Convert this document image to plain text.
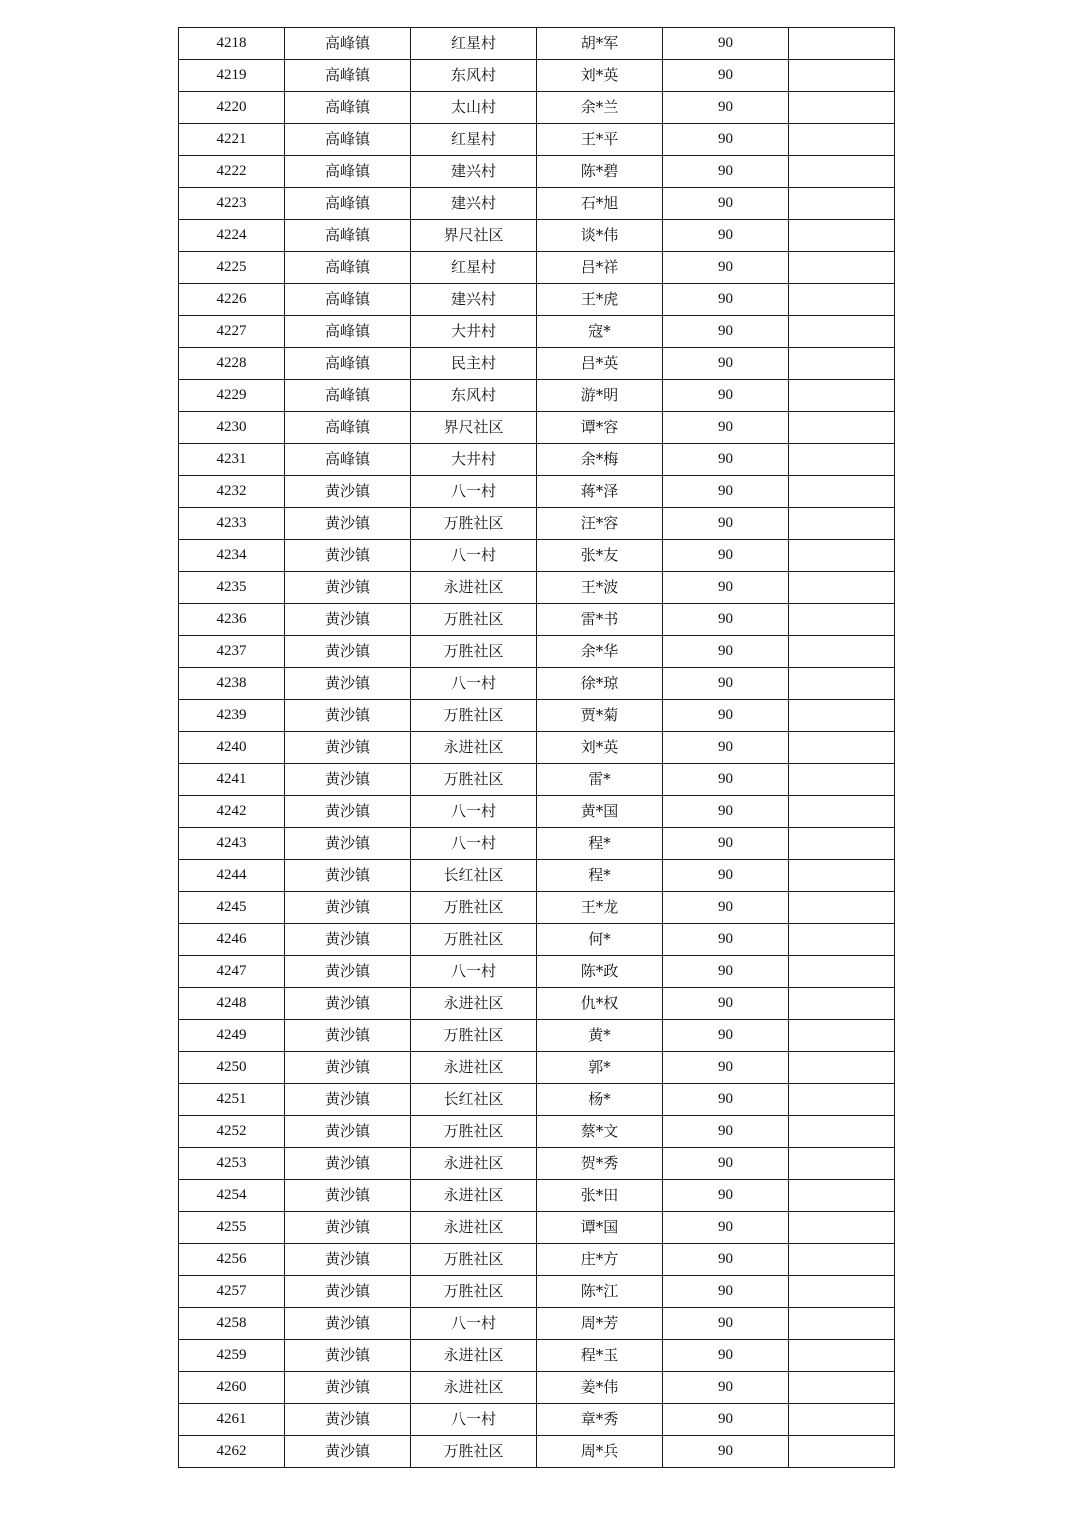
4218	高峰镇	红星村	胡*军	90	
4219	高峰镇	东风村	刘*英	90	
4220	高峰镇	太山村	余*兰	90	
4221	高峰镇	红星村	王*平	90	
4222	高峰镇	建兴村	陈*碧	90	
4223	高峰镇	建兴村	石*旭	90	
4224	高峰镇	界尺社区	谈*伟	90	
4225	高峰镇	红星村	吕*祥	90	
4226	高峰镇	建兴村	王*虎	90	
4227	高峰镇	大井村	寇*	90	
4228	高峰镇	民主村	吕*英	90	
4229	高峰镇	东风村	游*明	90	
4230	高峰镇	界尺社区	谭*容	90	
4231	高峰镇	大井村	余*梅	90	
4232	黄沙镇	八一村	蒋*泽	90	
4233	黄沙镇	万胜社区	汪*容	90	
4234	黄沙镇	八一村	张*友	90	
4235	黄沙镇	永进社区	王*波	90	
4236	黄沙镇	万胜社区	雷*书	90	
4237	黄沙镇	万胜社区	余*华	90	
4238	黄沙镇	八一村	徐*琼	90	
4239	黄沙镇	万胜社区	贾*菊	90	
4240	黄沙镇	永进社区	刘*英	90	
4241	黄沙镇	万胜社区	雷*	90	
4242	黄沙镇	八一村	黄*国	90	
4243	黄沙镇	八一村	程*	90	
4244	黄沙镇	长红社区	程*	90	
4245	黄沙镇	万胜社区	王*龙	90	
4246	黄沙镇	万胜社区	何*	90	
4247	黄沙镇	八一村	陈*政	90	
4248	黄沙镇	永进社区	仇*权	90	
4249	黄沙镇	万胜社区	黄*	90	
4250	黄沙镇	永进社区	郭*	90	
4251	黄沙镇	长红社区	杨*	90	
4252	黄沙镇	万胜社区	蔡*文	90	
4253	黄沙镇	永进社区	贺*秀	90	
4254	黄沙镇	永进社区	张*田	90	
4255	黄沙镇	永进社区	谭*国	90	
4256	黄沙镇	万胜社区	庄*方	90	
4257	黄沙镇	万胜社区	陈*江	90	
4258	黄沙镇	八一村	周*芳	90	
4259	黄沙镇	永进社区	程*玉	90	
4260	黄沙镇	永进社区	姜*伟	90	
4261	黄沙镇	八一村	章*秀	90	
4262	黄沙镇	万胜社区	周*兵	90	
